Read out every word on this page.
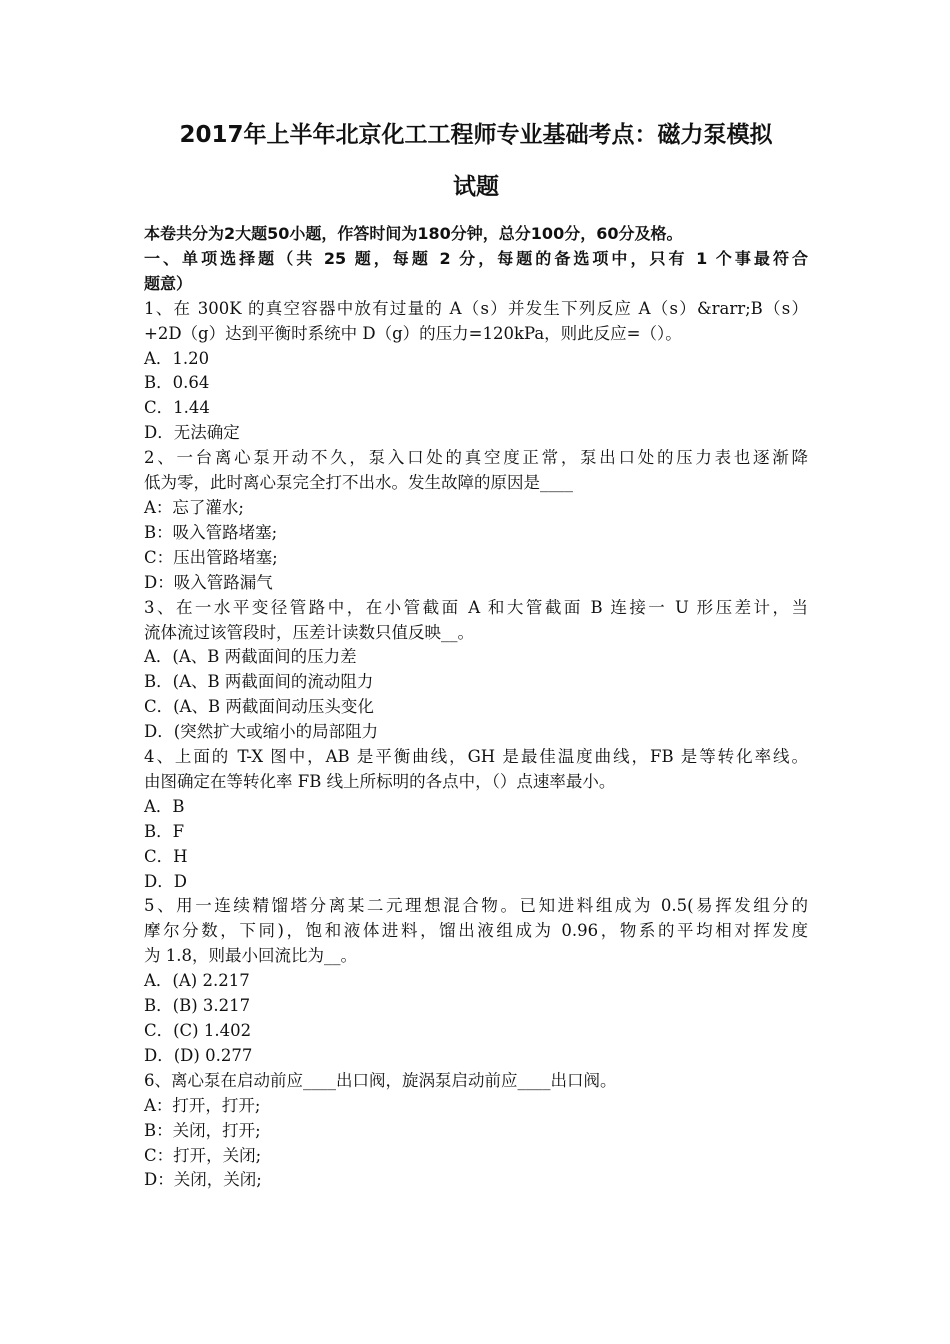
2017年上半年北京化工工程师专业基础考点：磁力泵模拟

试题

本卷共分为2大题50小题，作答时间为180分钟，总分100分，60分及格。

一、单项选择题（共 25 题，每题 2 分，每题的备选项中，只有 1 个事最符合

题意）

1、在 300K 的真空容器中放有过量的 A（s）并发生下列反应 A（s）&rarr;B（s）

+2D（g）达到平衡时系统中 D（g）的压力=120kPa，则此反应=（）。

A．1.20

B．0.64

C．1.44

D．无法确定

2、一台离心泵开动不久，泵入口处的真空度正常，泵出口处的压力表也逐渐降

低为零，此时离心泵完全打不出水。发生故障的原因是____

A：忘了灌水;

B：吸入管路堵塞;

C：压出管路堵塞;

D：吸入管路漏气

3、在一水平变径管路中，在小管截面 A 和大管截面 B 连接一 U 形压差计，当

流体流过该管段时，压差计读数只值反映__。

A．(A、B 两截面间的压力差

B．(A、B 两截面间的流动阻力

C．(A、B 两截面间动压头变化

D．(突然扩大或缩小的局部阻力

4、上面的 T-X 图中，AB 是平衡曲线，GH 是最佳温度曲线，FB 是等转化率线。

由图确定在等转化率 FB 线上所标明的各点中，（）点速率最小。

A．B

B．F

C．H

D．D

5、用一连续精馏塔分离某二元理想混合物。已知进料组成为 0.5(易挥发组分的

摩尔分数，下同)，饱和液体进料，馏出液组成为 0.96，物系的平均相对挥发度

为 1.8，则最小回流比为__。

A．(A) 2.217

B．(B) 3.217

C．(C) 1.402

D．(D) 0.277

6、离心泵在启动前应____出口阀，旋涡泵启动前应____出口阀。

A：打开，打开;

B：关闭，打开;

C：打开，关闭;

D：关闭，关闭;
